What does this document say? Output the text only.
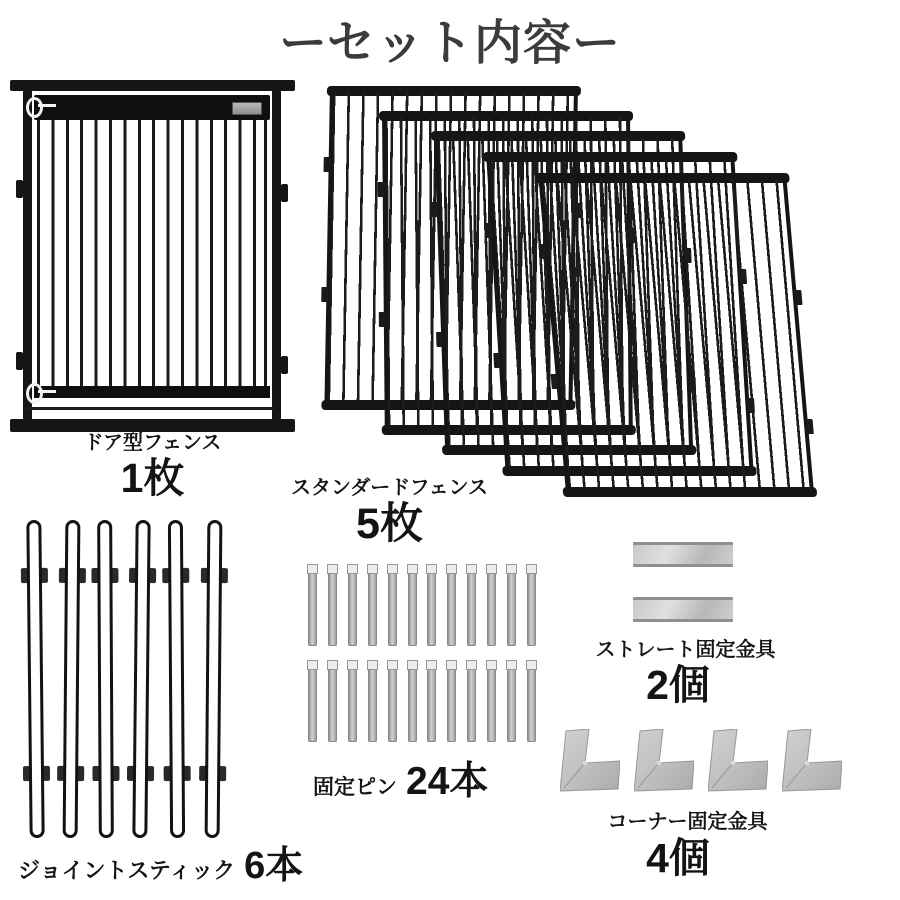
ーセット内容ー
ドア型フェンス
1枚	スタンダードフェンス
5枚
ジョイントスティック 6本
固定ピン 24本
ストレート固定金具
2個
コーナー固定金具
4個
